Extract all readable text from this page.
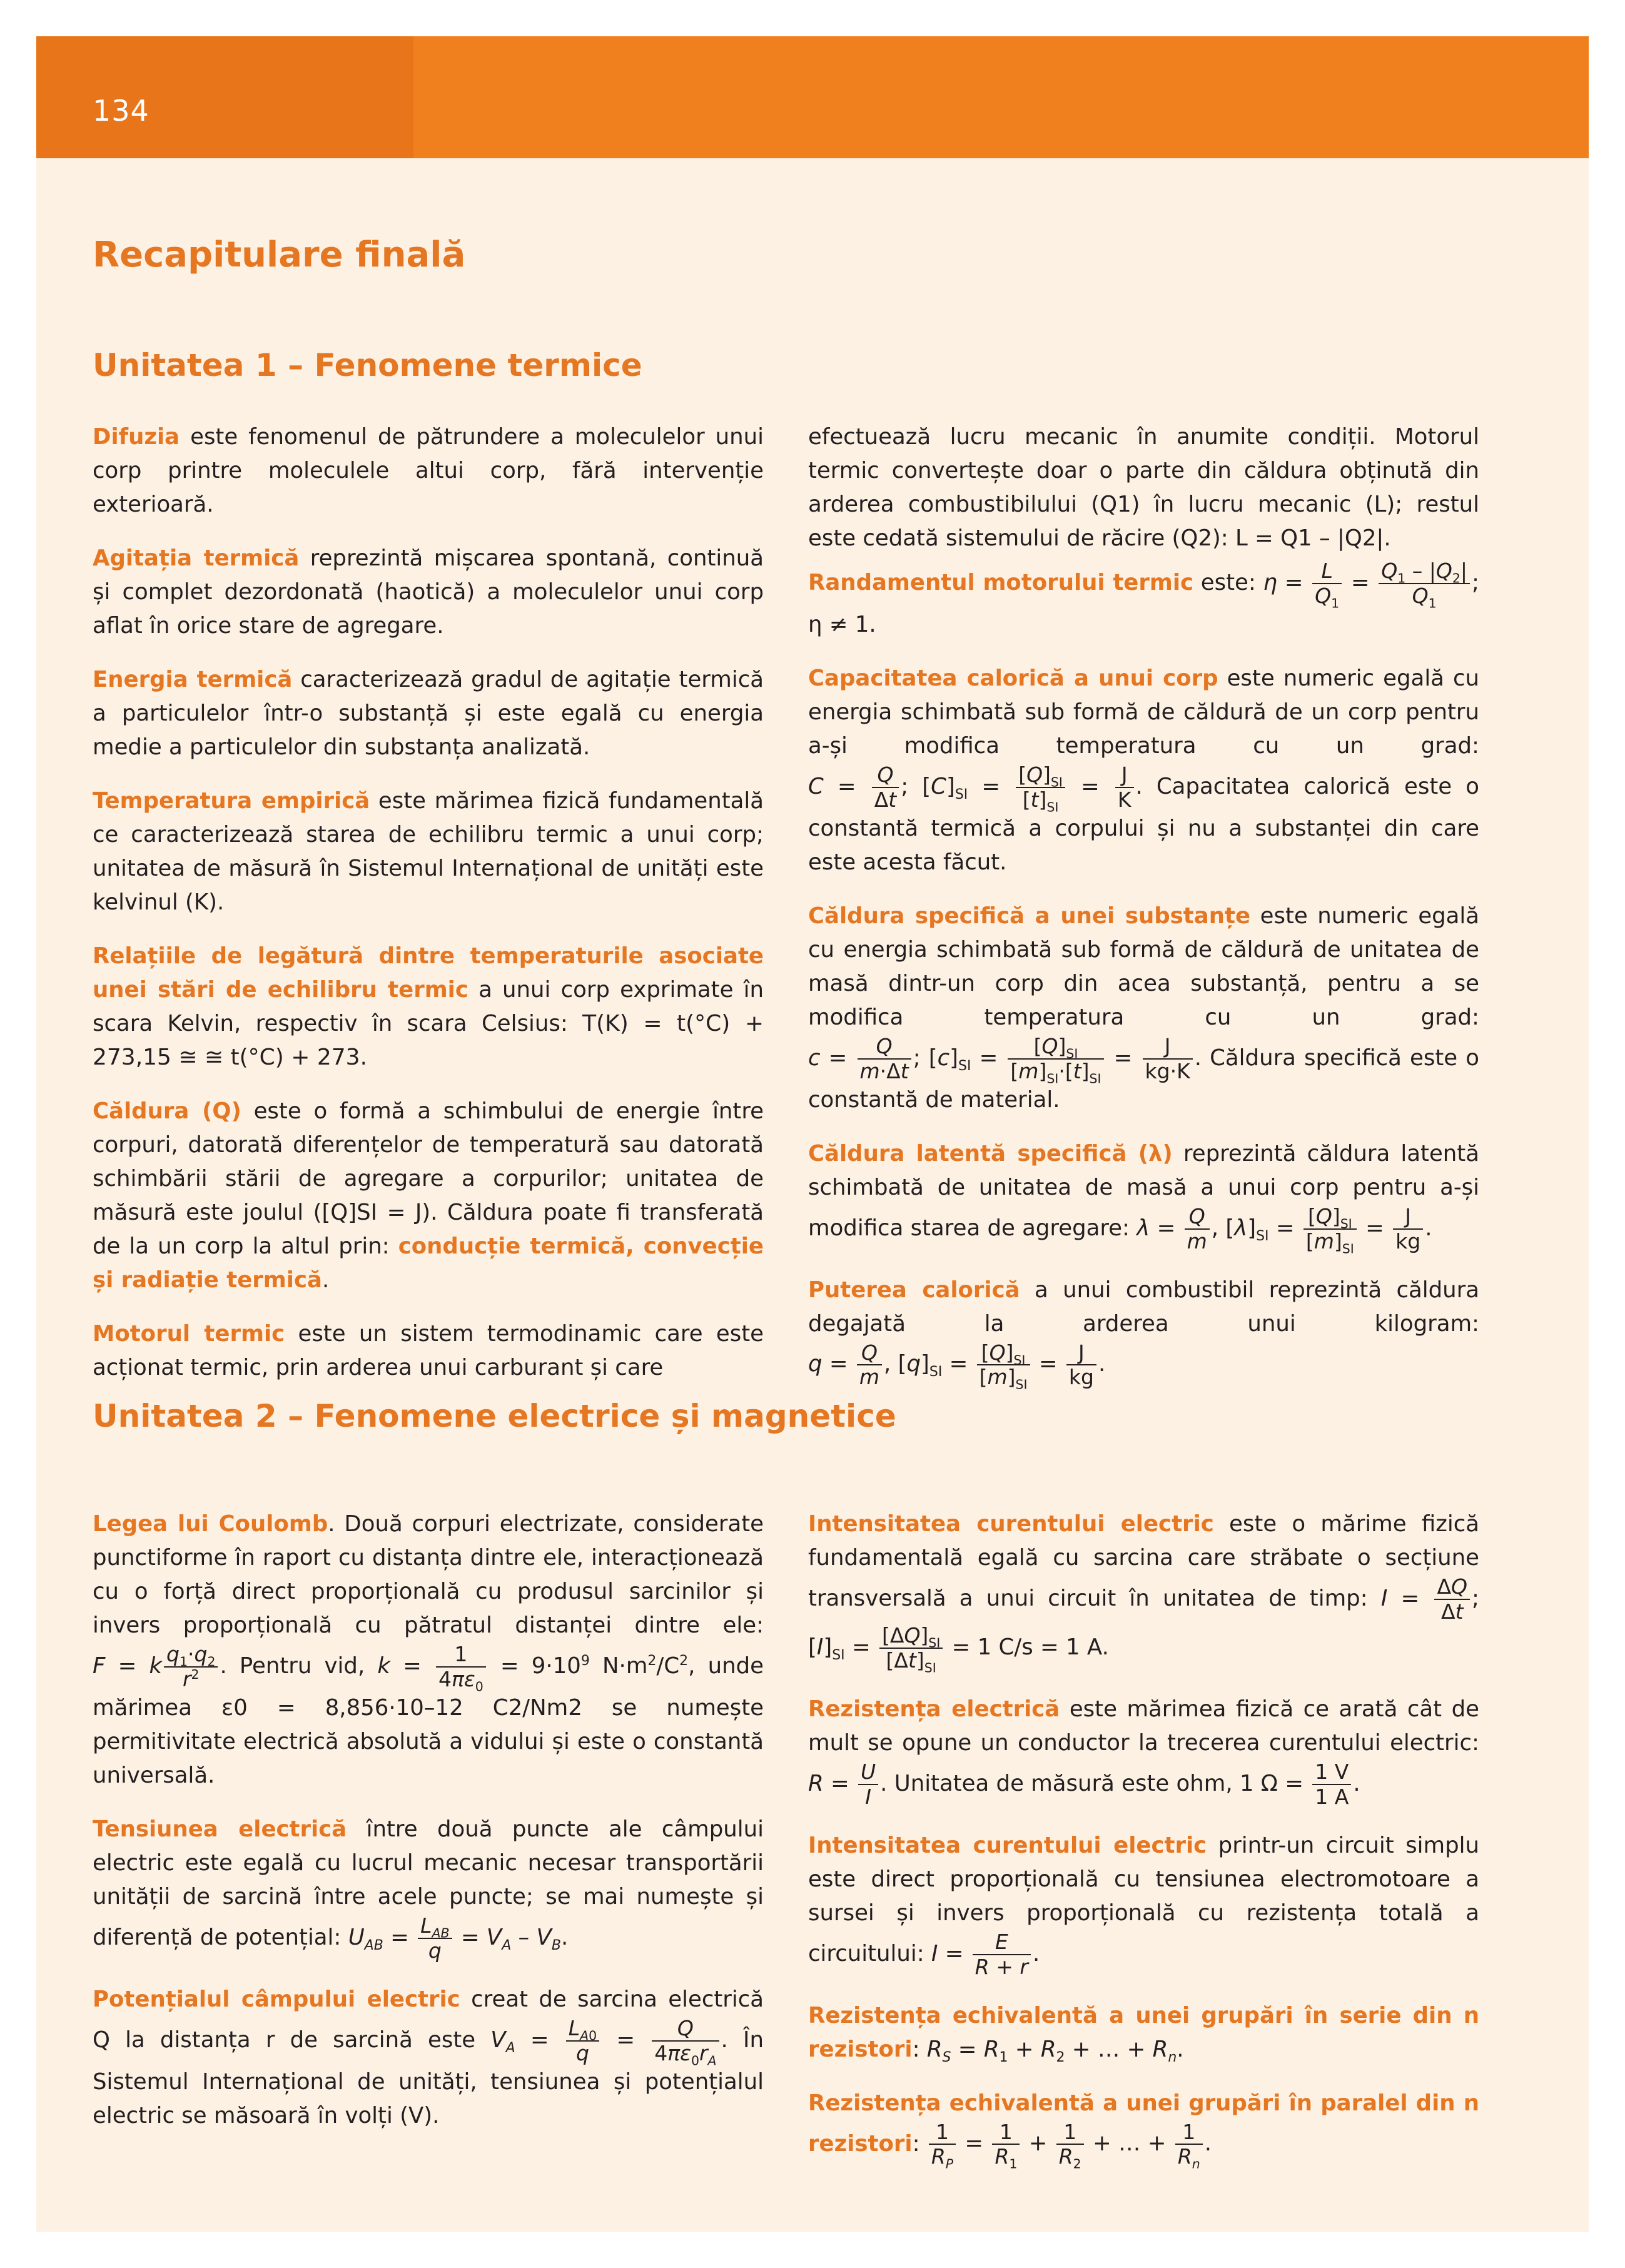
134
Recapitulare finală
Unitatea 1 – Fenomene termice

Difuzia este fenomenul de pătrundere a moleculelor unui corp printre moleculele altui corp, fără intervenție exterioară.

Agitația termică reprezintă mișcarea spontană, continuă și complet dezordonată (haotică) a moleculelor unui corp aflat în orice stare de agregare.

Energia termică caracterizează gradul de agitație termică a particulelor într-o substanță și este egală cu energia medie a particulelor din substanța analizată.

Temperatura empirică este mărimea fizică fundamentală ce caracterizează starea de echilibru termic a unui corp; unitatea de măsură în Sistemul Internațional de unități este kelvinul (K).

Relațiile de legătură dintre temperaturile asociate unei stări de echilibru termic a unui corp exprimate în scara Kelvin, respectiv în scara Celsius: T(K) = t(°C) + 273,15 ≅ ≅ t(°C) + 273.

Căldura (Q) este o formă a schimbului de energie între corpuri, datorată diferențelor de temperatură sau datorată schimbării stării de agregare a corpurilor; unitatea de măsură este joulul ([Q]SI = J). Căldura poate fi transferată de la un corp la altul prin: conducție termică, convecție și radiație termică.

Motorul termic este un sistem termodinamic care este acționat termic, prin arderea unui carburant și care

efectuează lucru mecanic în anumite condiții. Motorul termic convertește doar o parte din căldura obținută din arderea combustibilului (Q1) în lucru mecanic (L); restul este cedată sistemului de răcire (Q2): L = Q1 – |Q2|.

Randamentul motorului termic este: $\eta = \frac{L}{Q_1} = \frac{Q_1 - |Q_2|}{Q_1}$ ; η ≠ 1.

Capacitatea calorică a unui corp este numeric egală cu energia schimbată sub formă de căldură de un corp pentru a-și modifica temperatura cu un grad: $C = \frac{Q}{\Delta t}$ ; $[C]_{SI} = \frac{[Q]_{SI}}{[t]_{SI}} = \frac{J}{K}$ . Capacitatea calorică este o constantă termică a corpului și nu a substanței din care este acesta făcut.

Căldura specifică a unei substanțe este numeric egală cu energia schimbată sub formă de căldură de unitatea de masă dintr-un corp din acea substanță, pentru a se modifica temperatura cu un grad: $c = \frac{Q}{m\cdot\Delta t}$ ; $[c]_{SI} = \frac{[Q]_{SI}}{[m]_{SI}\cdot[t]_{SI}} = \frac{J}{kg\cdot K}$ . Căldura specifică este o constantă de material.

Căldura latentă specifică (λ) reprezintă căldura latentă schimbată de unitatea de masă a unui corp pentru a-și modifica starea de agregare: $\lambda = \frac{Q}{m}$ , $[\lambda]_{SI} = \frac{[Q]_{SI}}{[m]_{SI}} = \frac{J}{kg}$ .

Puterea calorică a unui combustibil reprezintă căldura degajată la arderea unui kilogram: $q = \frac{Q}{m}$ , $[q]_{SI} = \frac{[Q]_{SI}}{[m]_{SI}} = \frac{J}{kg}$ .

Unitatea 2 – Fenomene electrice și magnetice

Legea lui Coulomb. Două corpuri electrizate, considerate punctiforme în raport cu distanța dintre ele, interacționează cu o forță direct proporțională cu produsul sarcinilor și invers proporțională cu pătratul distanței dintre ele: F = k $\frac{q_1\cdot q_2}{r^2}$ . Pentru vid, $k = \frac{1}{4\pi\varepsilon_0} = 9\cdot 10^9$ $N\cdot m^2/C^2$, unde mărimea ε0 = 8,856·10–12 C2/Nm2 se numește permitivitate electrică absolută a vidului și este o constantă universală.

Tensiunea electrică între două puncte ale câmpului electric este egală cu lucrul mecanic necesar transportării unității de sarcină între acele puncte; se mai numește și diferență de potențial: $U_{AB} = L_{AB}$
q
= $V_A - V_B$.

Potențialul câmpului electric creat de sarcina electrică Q la distanța r de sarcină este $V_A = \frac{L_{A0}}{q} = \frac{Q}{4\pi\varepsilon_0r_A}$ . În Sistemul Internațional de unități, tensiunea și potențialul electric se măsoară în volți (V).

Intensitatea curentului electric este o mărime fizică fundamentală egală cu sarcina care străbate o secțiune transversală a unui circuit în unitatea de timp: $I = \frac{\Delta Q}{\Delta t}$ ; $[I]_{SI} = \frac{[\Delta Q]_{SI}}{[\Delta t]_{SI}} = 1$ C/s = 1 A.

Rezistența electrică este mărimea fizică ce arată cât de mult se opune un conductor la trecerea curentului electric: $R = \frac{U}{I}$ . Unitatea de măsură este ohm, 1 $\Omega = \frac{1 V}{1 A}$ .

Intensitatea curentului electric printr-un circuit simplu este direct proporțională cu tensiunea electromotoare a sursei și invers proporțională cu rezistența totală a circuitului: $I = \frac{E}{R + r}$ .

Rezistența echivalentă a unei grupări în serie din n rezistori: $R_S = R_1 + R_2$ + … + $R_n$.

Rezistența echivalentă a unei grupări în paralel din n rezistori: $\frac{1}{R_P} = \frac{1}{R_1} + \frac{1}{R_2}$ + … + $\frac{1}{R_n}$ .
